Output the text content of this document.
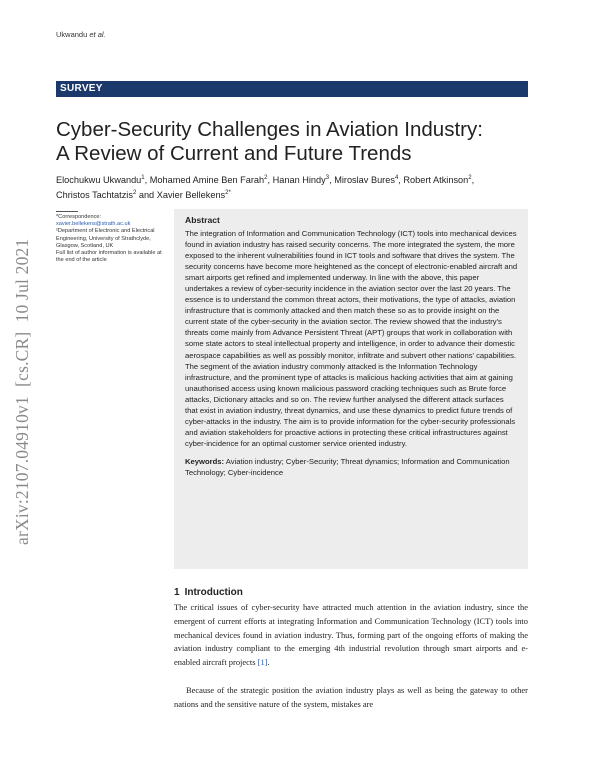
Ukwandu et al.
SURVEY
Cyber-Security Challenges in Aviation Industry:
A Review of Current and Future Trends
Elochukwu Ukwandu$^1$, Mohamed Amine Ben Farah$^2$, Hanan Hindy$^3$, Miroslav Bures$^4$, Robert Atkinson$^2$,
Christos Tachtatzis$^2$ and Xavier Bellekens$^{2*}$
arXiv:2107.04910v1  [cs.CR]  10 Jul 2021
*Correspondence:
xavier.bellekens@strath.ac.uk
²Department of Electronic and Electrical Engineering, University of Strathclyde, Glasgow, Scotland, UK
Full list of author information is available at the end of the article
Abstract
The integration of Information and Communication Technology (ICT) tools into mechanical devices found in aviation industry has raised security concerns. The more integrated the system, the more exposed to the inherent vulnerabilities found in ICT tools and software that drives the system. The security concerns have become more heightened as the concept of electronic-enabled aircraft and smart airports get refined and implemented underway. In line with the above, this paper undertakes a review of cyber-security incidence in the aviation sector over the last 20 years. The essence is to understand the common threat actors, their motivations, the type of attacks, aviation infrastructure that is commonly attacked and then match these so as to provide insight on the current state of the cyber-security in the aviation sector. The review showed that the industry's threats come mainly from Advance Persistent Threat (APT) groups that work in collaboration with some state actors to steal intellectual property and intelligence, in order to advance their domestic aerospace capabilities as well as possibly monitor, infiltrate and subvert other nations' capabilities. The segment of the aviation industry commonly attacked is the Information Technology infrastructure, and the prominent type of attacks is malicious hacking activities that aim at gaining unauthorised access using known malicious password cracking techniques such as Brute force attacks, Dictionary attacks and so on. The review further analysed the different attack surfaces that exist in aviation industry, threat dynamics, and use these dynamics to predict future trends of cyber-attacks in the industry. The aim is to provide information for the cyber-security professionals and aviation stakeholders for proactive actions in protecting these critical infrastructures against cyber-incidence for an optimal customer service oriented industry.
Keywords: Aviation industry; Cyber-Security; Threat dynamics; Information and Communication Technology; Cyber-incidence
1 Introduction
The critical issues of cyber-security have attracted much attention in the aviation industry, since the emergent of current efforts at integrating Information and Communication Technology (ICT) tools into mechanical devices found in aviation industry. Thus, forming part of the ongoing efforts of making the aviation industry compliant to the emerging 4th industrial revolution through smart airports and e-enabled aircraft projects [1].
Because of the strategic position the aviation industry plays as well as being the gateway to other nations and the sensitive nature of the system, mistakes are
